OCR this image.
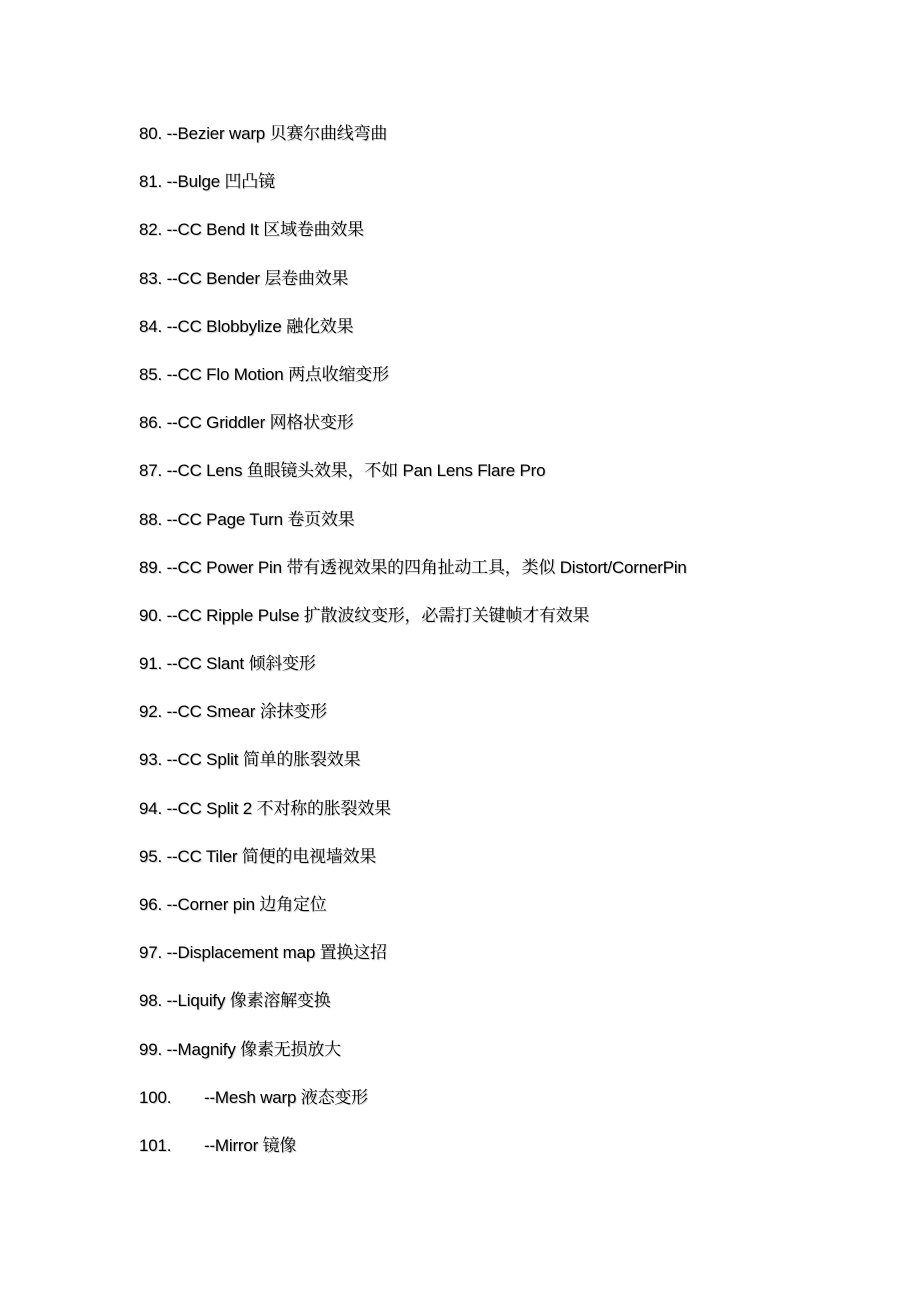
80. --Bezier warp 贝赛尔曲线弯曲
81. --Bulge 凹凸镜
82. --CC Bend It 区域卷曲效果
83. --CC Bender 层卷曲效果
84. --CC Blobbylize 融化效果
85. --CC Flo Motion 两点收缩变形
86. --CC Griddler 网格状变形
87. --CC Lens 鱼眼镜头效果，不如 Pan Lens Flare Pro
88. --CC Page Turn 卷页效果
89. --CC Power Pin 带有透视效果的四角扯动工具，类似 Distort/CornerPin
90. --CC Ripple Pulse 扩散波纹变形，必需打关键帧才有效果
91. --CC Slant 倾斜变形
92. --CC Smear 涂抹变形
93. --CC Split 简单的胀裂效果
94. --CC Split 2 不对称的胀裂效果
95. --CC Tiler 简便的电视墙效果
96. --Corner pin 边角定位
97. --Displacement map 置换这招
98. --Liquify 像素溶解变换
99. --Magnify 像素无损放大
100. --Mesh warp 液态变形
101. --Mirror 镜像
